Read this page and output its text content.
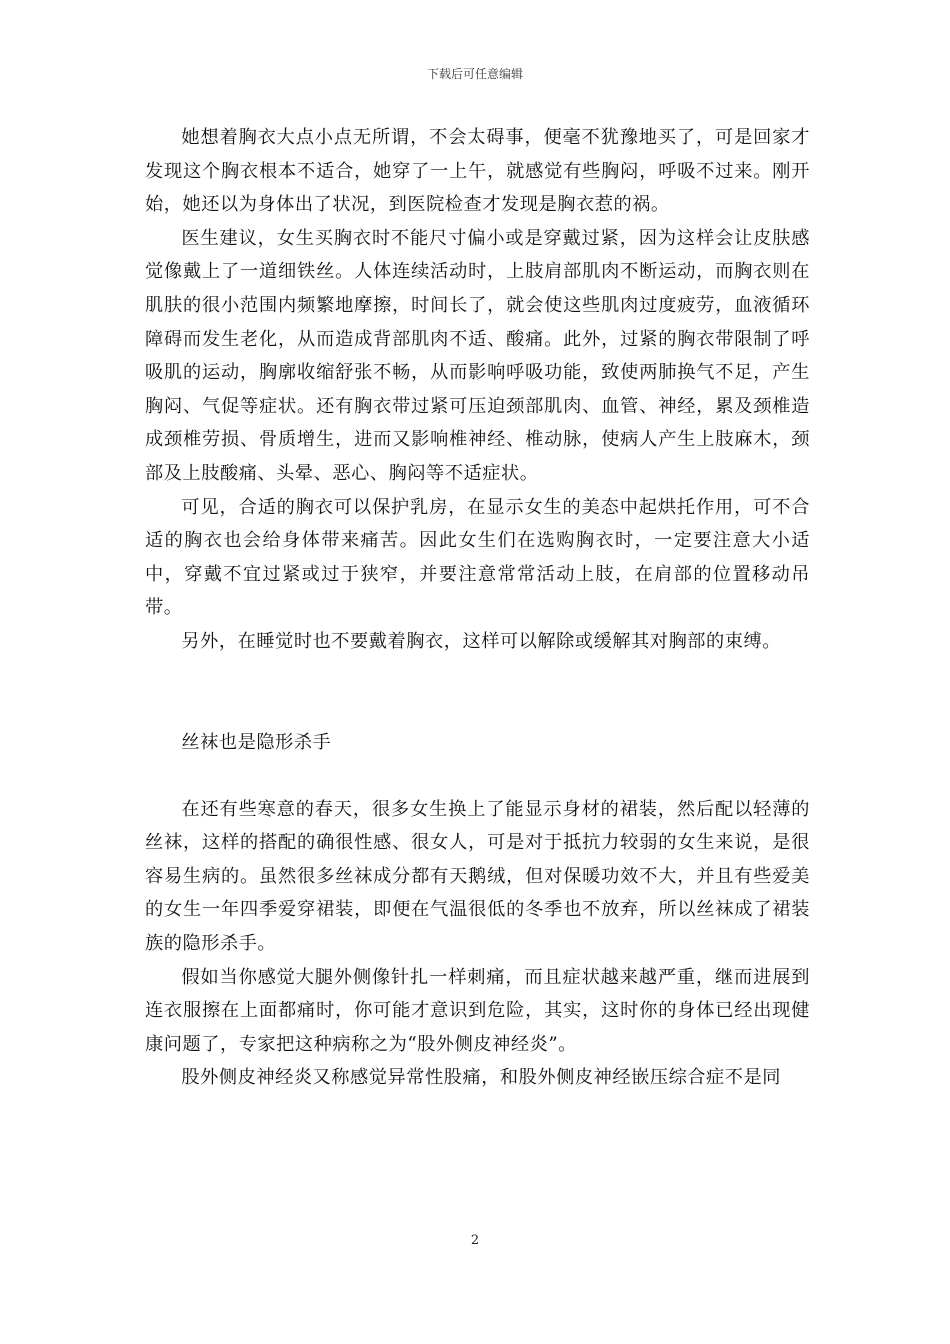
下载后可任意编辑

她想着胸衣大点小点无所谓，不会太碍事，便毫不犹豫地买了，可是回家才发现这个胸衣根本不适合，她穿了一上午，就感觉有些胸闷，呼吸不过来。刚开始，她还以为身体出了状况，到医院检查才发现是胸衣惹的祸。

医生建议，女生买胸衣时不能尺寸偏小或是穿戴过紧，因为这样会让皮肤感觉像戴上了一道细铁丝。人体连续活动时，上肢肩部肌肉不断运动，而胸衣则在肌肤的很小范围内频繁地摩擦，时间长了，就会使这些肌肉过度疲劳，血液循环障碍而发生老化，从而造成背部肌肉不适、酸痛。此外，过紧的胸衣带限制了呼吸肌的运动，胸廓收缩舒张不畅，从而影响呼吸功能，致使两肺换气不足，产生胸闷、气促等症状。还有胸衣带过紧可压迫颈部肌肉、血管、神经，累及颈椎造成颈椎劳损、骨质增生，进而又影响椎神经、椎动脉，使病人产生上肢麻木，颈部及上肢酸痛、头晕、恶心、胸闷等不适症状。

可见，合适的胸衣可以保护乳房，在显示女生的美态中起烘托作用，可不合适的胸衣也会给身体带来痛苦。因此女生们在选购胸衣时，一定要注意大小适中，穿戴不宜过紧或过于狭窄，并要注意常常活动上肢，在肩部的位置移动吊带。

另外，在睡觉时也不要戴着胸衣，这样可以解除或缓解其对胸部的束缚。

丝袜也是隐形杀手

在还有些寒意的春天，很多女生换上了能显示身材的裙装，然后配以轻薄的丝袜，这样的搭配的确很性感、很女人，可是对于抵抗力较弱的女生来说，是很容易生病的。虽然很多丝袜成分都有天鹅绒，但对保暖功效不大，并且有些爱美的女生一年四季爱穿裙装，即便在气温很低的冬季也不放弃，所以丝袜成了裙装族的隐形杀手。

假如当你感觉大腿外侧像针扎一样刺痛，而且症状越来越严重，继而进展到连衣服擦在上面都痛时，你可能才意识到危险，其实，这时你的身体已经出现健康问题了，专家把这种病称之为“股外侧皮神经炎”。

股外侧皮神经炎又称感觉异常性股痛，和股外侧皮神经嵌压综合症不是同

2
